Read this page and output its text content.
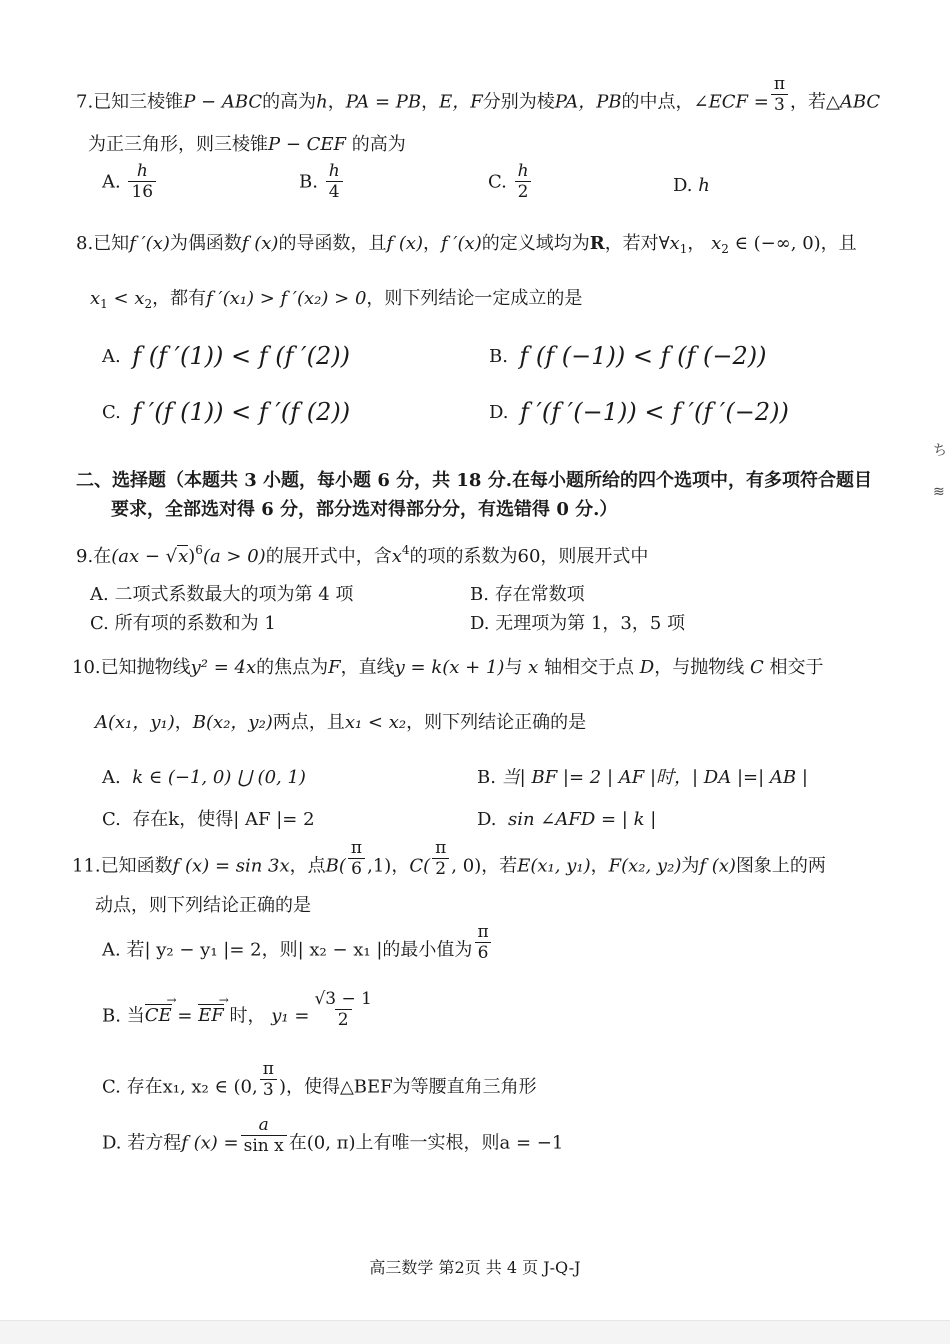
7.已知三棱锥P − ABC的高为h，PA = PB，E，F分别为棱PA，PB的中点，∠ECF = $\frac{\pi}{3}$ ，若△ABC
为正三角形，则三棱锥P − CEF 的高为
A. $\frac{h}{16}$	B. $\frac{h}{4}$	C. $\frac{h}{2}$	D. h
8.已知f ′(x)为偶函数f (x)的导函数，且f (x)，f ′(x)的定义域均为R，若对$\forall x_1$， $x_2$ ∈ (−∞, 0)，且
$x_1 < x_2$，都有f ′(x₁) > f ′(x₂) > 0，则下列结论一定成立的是
A. f (f ′(1)) < f (f ′(2))	B. f (f (−1)) < f (f (−2))
C. f ′(f (1)) < f ′(f (2))	D. f ′(f ′(−1)) < f ′(f ′(−2))
二、选择题（本题共 3 小题，每小题 6 分，共 18 分.在每小题所给的四个选项中，有多项符合题目
要求，全部选对得 6 分，部分选对得部分分，有选错得 0 分.）
9.在(ax − √x)$^6$(a > 0)的展开式中，含$x^4$的项的系数为60，则展开式中
A. 二项式系数最大的项为第 4 项	B. 存在常数项
C. 所有项的系数和为 1	D. 无理项为第 1，3，5 项
10.已知抛物线y² = 4x的焦点为F，直线y = k(x + 1)与 x 轴相交于点 D，与抛物线 C 相交于
A(x₁，y₁)，B(x₂，y₂)两点，且x₁ < x₂，则下列结论正确的是
A. k ∈ (−1, 0) ⋃ (0, 1)	B. 当| BF |= 2 | AF |时，| DA |=| AB |
C. 存在k，使得| AF |= 2	D. sin ∠AFD = | k |
11.已知函数f (x) = sin 3x，点$B( \frac{\pi}{6} ,1)$，$C( \frac{\pi}{2}$ , 0)，若E(x₁, y₁)，F(x₂, y₂)为f (x)图象上的两
动点，则下列结论正确的是
A. 若| y₂ − y₁ |= 2，则| x₂ − x₁ |的最小值为 $\frac{\pi}{6}$
B. 当CE → = EF → 时， $y_1 = \frac{√3 - 1}{2}$
C. 存在x₁, x₂ ∈ (0, $\frac{\pi}{3}$ )，使得△BEF为等腰直角三角形
D. 若方程f $(x) = \frac{a}{\text{sin x}}$ 在(0, π)上有唯一实根，则a = −1
ち
≋
高三数学 第2页 共 4 页 J-Q-J
